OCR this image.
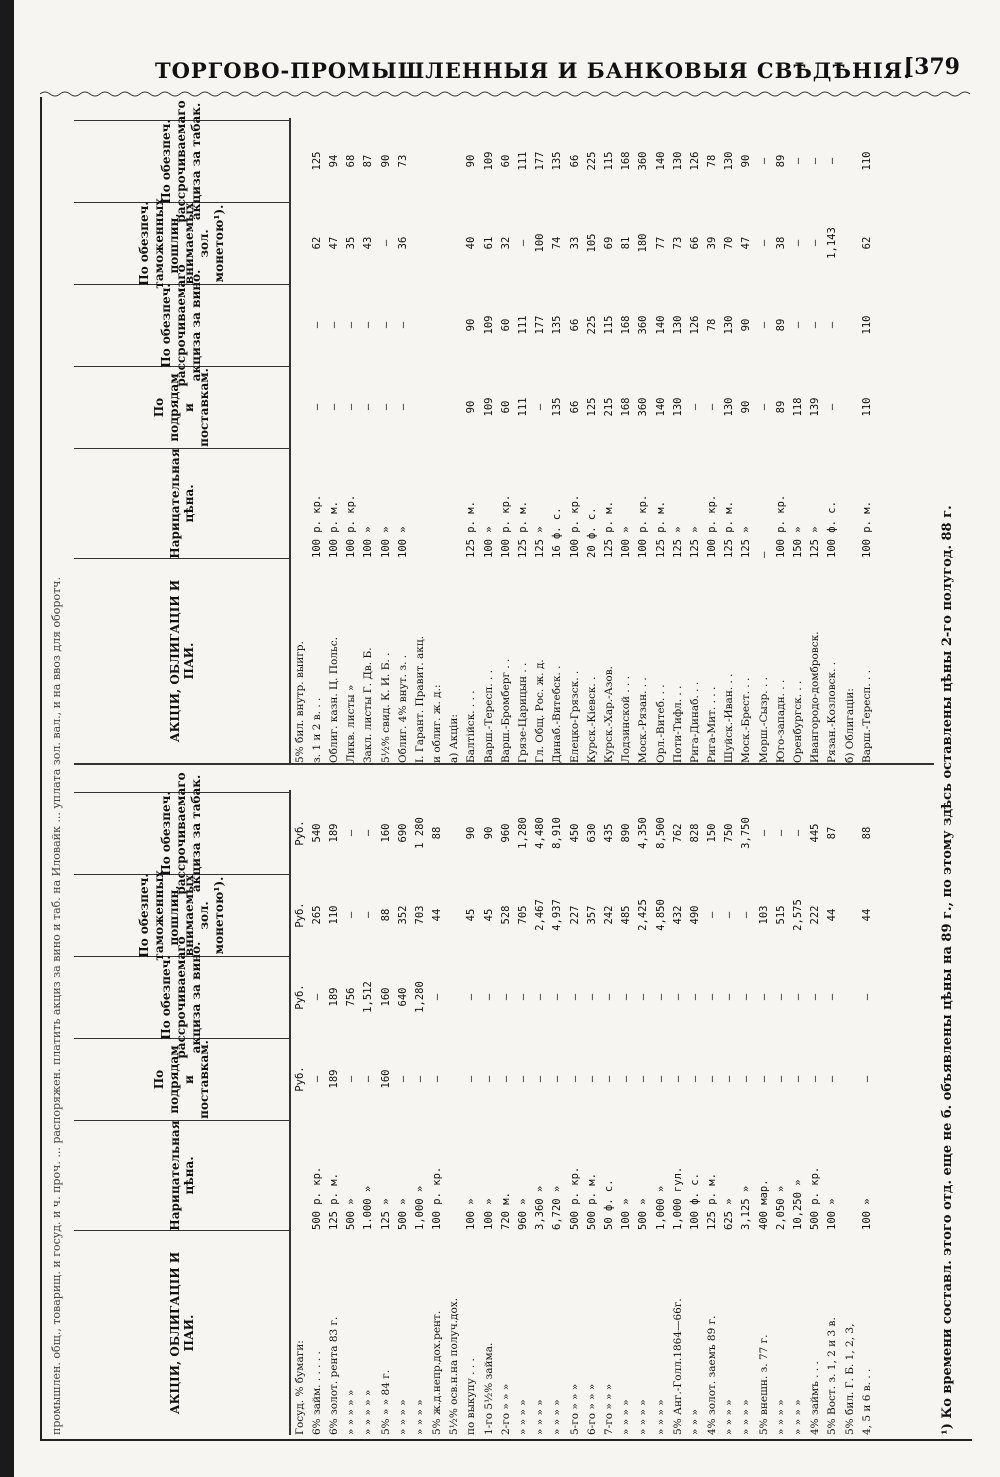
ТОРГОВО-ПРОМЫШЛЕННЫЯ И БАНКОВЫЯ СВѢДѢНІЯ.
[379
промышлен. общ., товарищ. и госуд. и ч. проч. ... распоряжен. платить акциз за вино и таб. на Иловайк ... уплата зол. вал., и на ввоз для оборотч.	АКЦІИ, ОБЛИГАЦІИ И ПАИ.
Нарицательная цѣна.
По подрядам и поставкам.
По обезпеч. рассрочиваемаго акциза за вино.
По обезпеч. таможенных пошлин, внимаемых зол. монетою¹).
По обезпеч. рассрочиваемаго акциза за табак.
Госуд. % бумаги:
Руб.
Руб.
Руб.
Руб.
6% займ. . . . . .
500 р. кр.
—
—
265
540
6% золот. рента 83 г.
125 р. м.
189
189
110
189
» » » » »
500 »
—
756
—
—
» » » » »
1.000 »
—
1,512
—
—
5% » » 84 г.
125 »
160
160
88
160
» » » »
500 »
—
640
352
690
» » » »
1,000 »
—
1,280
703
1 280
5% ж.д.непр.дох.рент.
100 р. кр.
—
—
44
88
5½% осв.н.на получ.дох. по выкупу . . .
100 »
—
—
45
90
1-го 5½% займа.
100 »
—
—
45
90
2-го » » »
720 м.
—
—
528
960
» » » »
960 »
—
—
705
1,280
» » » »
3,360 »
—
—
2,467
4,480
» » » »
6,720 »
—
—
4,937
8,910
5-го » » »
500 р. кр.
—
—
227
450
6-го » » »
500 р. м.
—
—
357
630
7-го » » »
50 ф. с.
—
—
242
435
» » » »
100 »
—
—
485
890
» » » »
500 »
—
—
2,425
4,350
» » » »
1,000 »
—
—
4,850
8,500
5% Анг.-Голл.1864—66г.
1,000 гул.
—
—
432
762
» » »
100 ф. с.
—
—
490
828
4% золот. заемъ 89 г.
125 р. м.
—
—
—
150
» » » »
625 »
—
—
—
750
» » » »
3,125 »
—
—
—
3,750
5% внешн. з. 77 г.
400 мар.
—
—
103
—
» » » »
2,050 »
—
—
515
—
» » » »
10,250 »
—
—
2,575
—
4% займъ . . .
500 р. кр.
—
—
222
445
5% Вост. з. 1, 2 и 3 в.
100 »
—
—
44
87
5% бил. Г. Б. 1, 2, 3, 4, 5 и 6 в. . .
100 »
—
—
44
88
АКЦІИ, ОБЛИГАЦІИ И ПАИ.
Нарицательная цѣна.
По подрядам и поставкам.
По обезпеч. рассрочиваемаго акциза за вино.
По обезпеч. таможенных пошлин, внимаемых зол. монетою¹).
По обезпеч. рассрочиваемаго акциза за табак.
5% бил. внутр. выигр. з. 1 и 2 в. . .
100 р. кр.
—
—
62
125
Облиг. казн. Ц. Польс.
100 р. м.
—
—
47
94
Ликв. листы »
100 р. кр.
—
—
35
68
Закл. листы Г. Дв. Б.
100 »
—
—
43
87
5½% свид. К. И. Б. .
100 »
—
—
—
90
Облиг. 4% внут. з. .
100 »
—
—
36
73
I. Гарант. Правит. акц. и облиг. ж. д.: а) Акціи: Балтійск. . . .
125 р. м.
90
90
40
90
Варш.-Тересп. . .
100 »
109
109
61
109
Варш.-Бромберг . .
100 р. кр.
60
60
32
60
Грязе-Царицын . .
125 р. м.
111
111
—
111
Гл. Общ. Рос. ж. д.
125 »
—
177
100
177
Динаб.-Витебск. .
16 ф. с.
135
135
74
135
Елецко-Грязск. .
100 р. кр.
66
66
33
66
Курск.-Кіевск. .
20 ф. с.
125
225
105
225
Курск.-Хар.-Азов.
125 р. м.
215
115
69
115
Лодзинской . . .
100 »
168
168
81
168
Моск.-Рязан. . .
100 р. кр.
360
360
180
360
Орл.-Витеб. . .
125 р. м.
140
140
77
140
Поти-Тифл. . .
125 »
130
130
73
130
Рига-Динаб. . .
125 »
—
126
66
126
Рига-Мит. . . .
100 р. кр.
—
78
39
78
Шуйск.-Иван. . .
125 р. м.
130
130
70
130
Моск.-Брест. . .
125 »
90
90
47
90
Морш.-Сызр. . .
—
—
—
—
—
Юго-западн. . .
100 р. кр.
89
89
38
89
Оренбургск. . .
150 »
118
—
—
—
Ивангородо-домбровск.
125 »
139
—
—
—
Рязан.-Козловск. .
100 ф. с.
—
—
1,143
—
б) Облигаціи: Варш.-Тересп. . .
100 р. м.
110
110
62
110
¹) Ко времени составл. этого отд. еще не б. объявлены цѣны на 89 г., по этому здѣсь оставлены цѣны 2-го полугод. 88 г.
